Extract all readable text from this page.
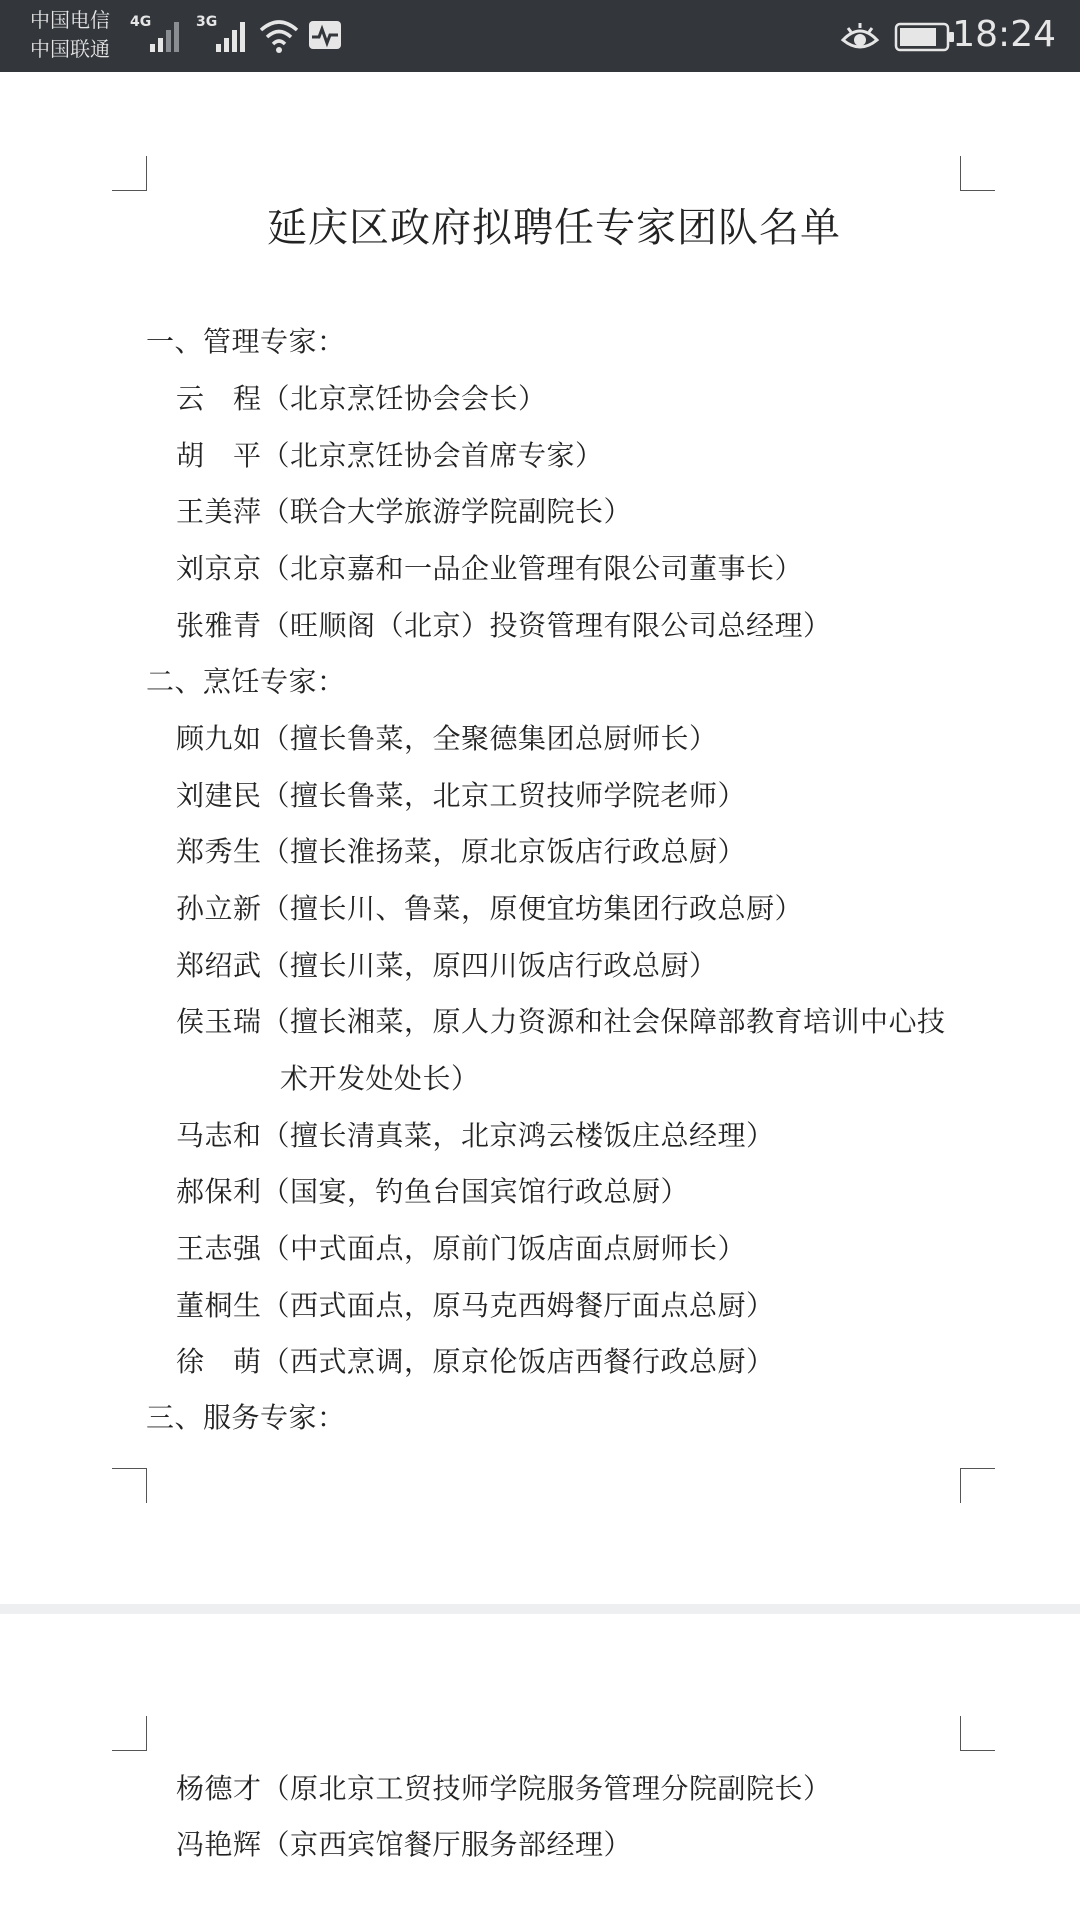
中国电信
中国联通
4G	3G	18:24
延庆区政府拟聘任专家团队名单
一、管理专家：
云　程（北京烹饪协会会长）
胡　平（北京烹饪协会首席专家）
王美萍（联合大学旅游学院副院长）
刘京京（北京嘉和一品企业管理有限公司董事长）
张雅青（旺顺阁（北京）投资管理有限公司总经理）
二、烹饪专家：
顾九如（擅长鲁菜，全聚德集团总厨师长）
刘建民（擅长鲁菜，北京工贸技师学院老师）
郑秀生（擅长淮扬菜，原北京饭店行政总厨）
孙立新（擅长川、鲁菜，原便宜坊集团行政总厨）
郑绍武（擅长川菜，原四川饭店行政总厨）
侯玉瑞（擅长湘菜，原人力资源和社会保障部教育培训中心技
术开发处处长）
马志和（擅长清真菜，北京鸿云楼饭庄总经理）
郝保利（国宴，钓鱼台国宾馆行政总厨）
王志强（中式面点，原前门饭店面点厨师长）
董桐生（西式面点，原马克西姆餐厅面点总厨）
徐　萌（西式烹调，原京伦饭店西餐行政总厨）
三、服务专家：
杨德才（原北京工贸技师学院服务管理分院副院长）
冯艳辉（京西宾馆餐厅服务部经理）
